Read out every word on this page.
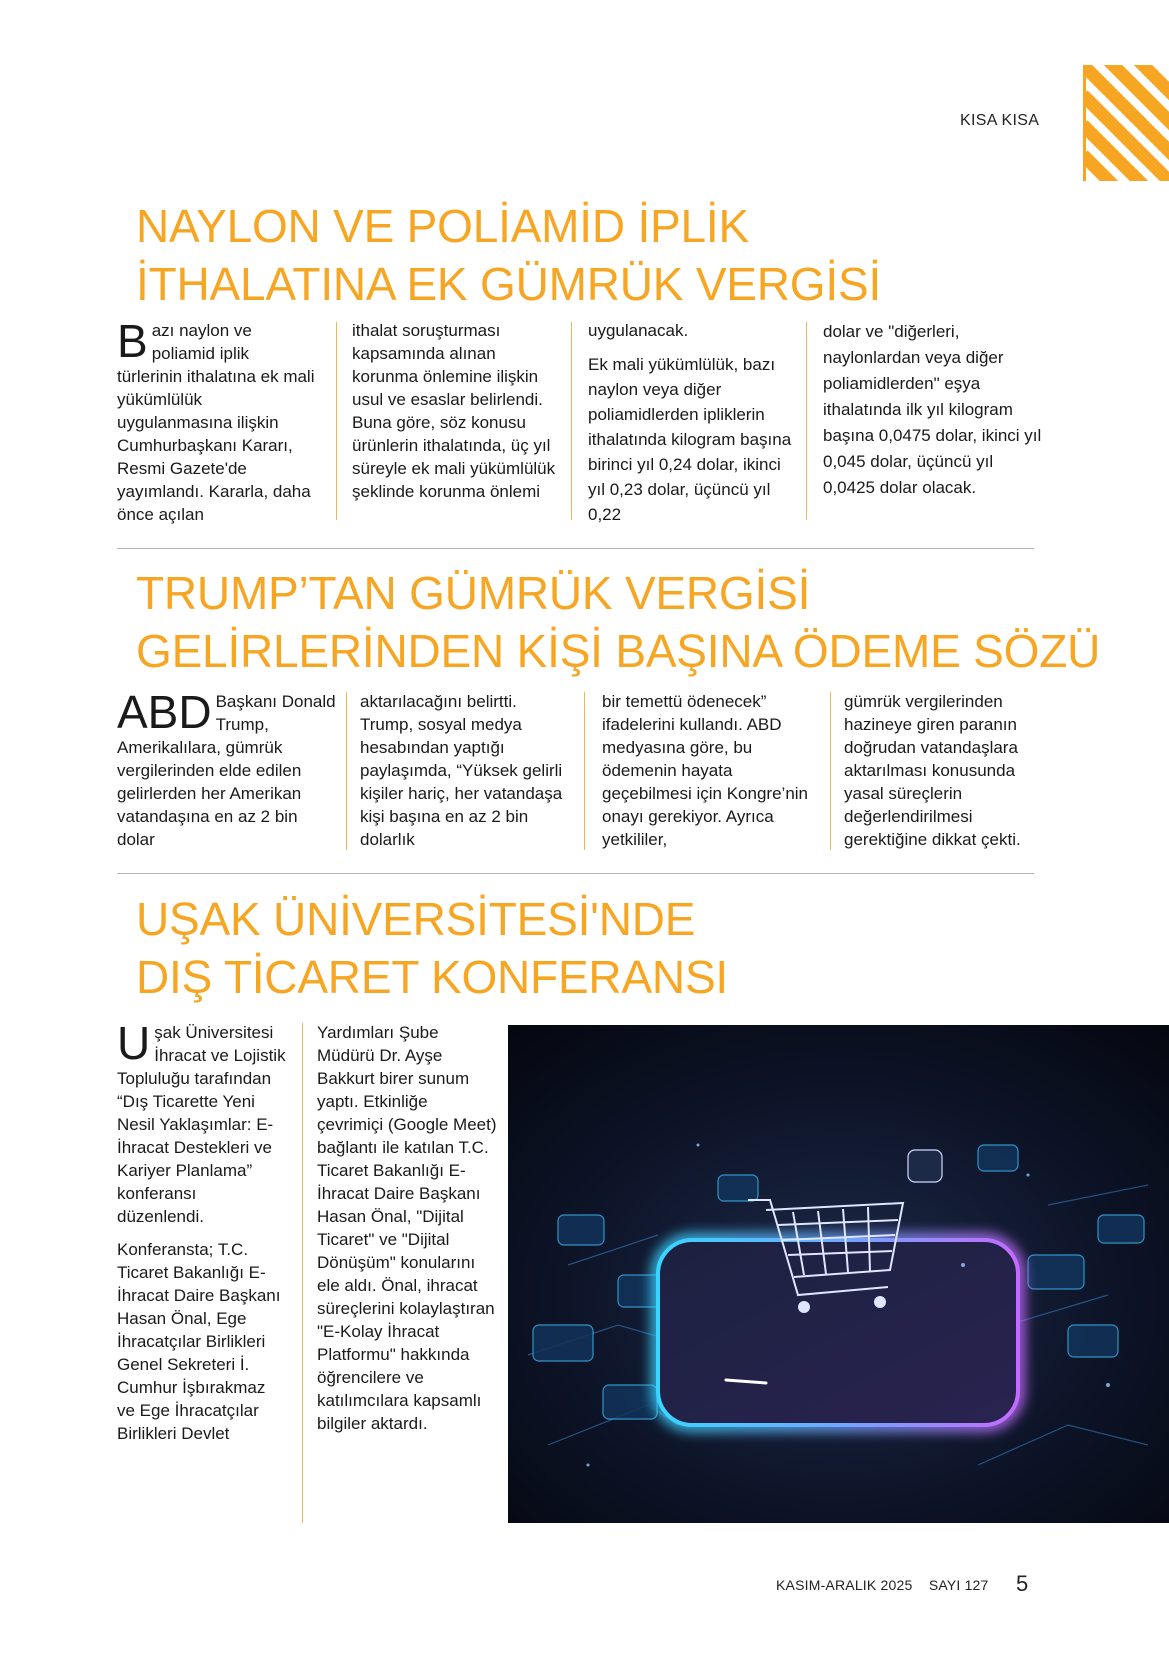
KISA KISA
NAYLON VE POLİAMİD İPLİK
İTHALATINA EK GÜMRÜK VERGİSİ
Bazı naylon ve poliamid iplik türlerinin ithalatına ek mali yükümlülük uygulanmasına ilişkin Cumhurbaşkanı Kararı, Resmi Gazete'de yayımlandı. Kararla, daha önce açılan
ithalat soruşturması kapsamında alınan korunma önlemine ilişkin usul ve esaslar belirlendi. Buna göre, söz konusu ürünlerin ithalatında, üç yıl süreyle ek mali yükümlülük şeklinde korunma önlemi

uygulanacak.

Ek mali yükümlülük, bazı naylon veya diğer poliamidlerden ipliklerin ithalatında kilogram başına birinci yıl 0,24 dolar, ikinci yıl 0,23 dolar, üçüncü yıl 0,22

dolar ve "diğerleri, naylonlardan veya diğer poliamidlerden" eşya ithalatında ilk yıl kilogram başına 0,0475 dolar, ikinci yıl 0,045 dolar, üçüncü yıl 0,0425 dolar olacak.
TRUMP’TAN GÜMRÜK VERGİSİ
GELİRLERİNDEN KİŞİ BAŞINA ÖDEME SÖZÜ
ABD Başkanı Donald Trump, Amerikalılara, gümrük vergilerinden elde edilen gelirlerden her Amerikan vatandaşına en az 2 bin dolar
aktarılacağını belirtti. Trump, sosyal medya hesabından yaptığı paylaşımda, “Yüksek gelirli kişiler hariç, her vatandaşa kişi başına en az 2 bin dolarlık
bir temettü ödenecek” ifadelerini kullandı. ABD medyasına göre, bu ödemenin hayata geçebilmesi için Kongre’nin onayı gerekiyor. Ayrıca yetkililer,
gümrük vergilerinden hazineye giren paranın doğrudan vatandaşlara aktarılması konusunda yasal süreçlerin değerlendirilmesi gerektiğine dikkat çekti.
UŞAK ÜNİVERSİTESİ'NDE
DIŞ TİCARET KONFERANSI

Uşak Üniversitesi İhracat ve Lojistik Topluluğu tarafından “Dış Ticarette Yeni Nesil Yaklaşımlar: E-İhracat Destekleri ve Kariyer Planlama” konferansı düzenlendi.

Konferansta; T.C. Ticaret Bakanlığı E-İhracat Daire Başkanı Hasan Önal, Ege İhracatçılar Birlikleri Genel Sekreteri İ. Cumhur İşbırakmaz ve Ege İhracatçılar Birlikleri Devlet

Yardımları Şube Müdürü Dr. Ayşe Bakkurt birer sunum yaptı. Etkinliğe çevrimiçi (Google Meet) bağlantı ile katılan T.C. Ticaret Bakanlığı E-İhracat Daire Başkanı Hasan Önal, "Dijital Ticaret" ve "Dijital Dönüşüm" konularını ele aldı. Önal, ihracat süreçlerini kolaylaştıran "E-Kolay İhracat Platformu" hakkında öğrencilere ve katılımcılara kapsamlı bilgiler aktardı.
KASIM-ARALIK 2025    SAYI 127 5
